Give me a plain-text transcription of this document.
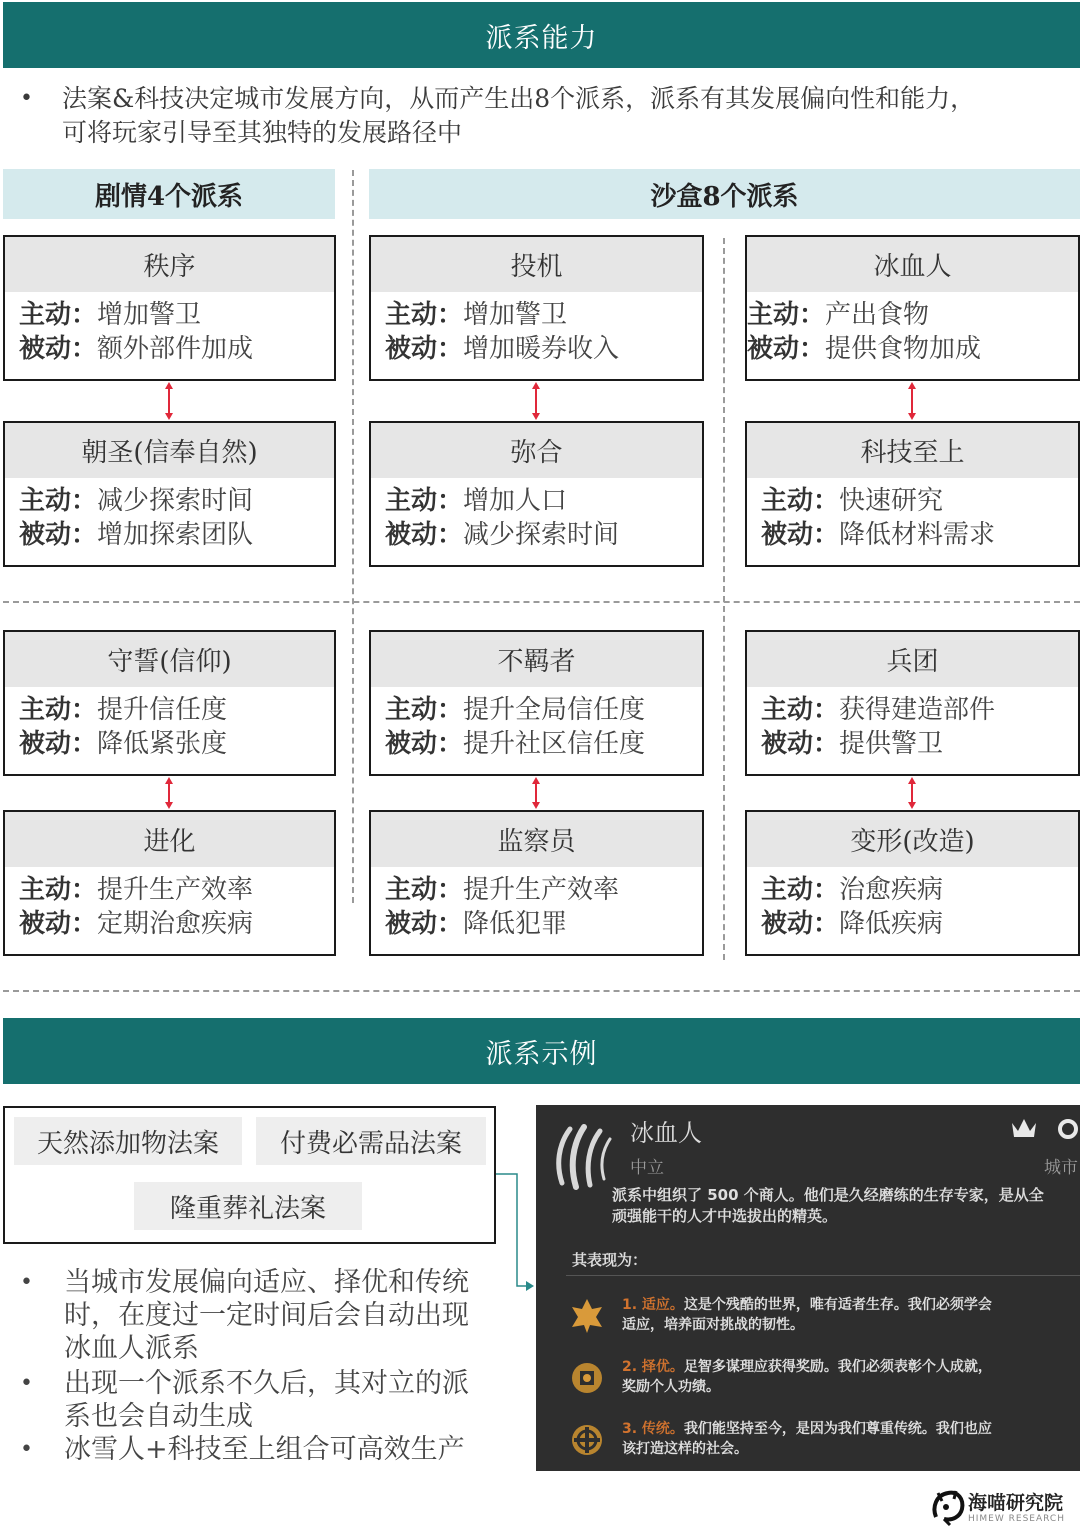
派系能力
• 法案&科技决定城市发展方向，从而产生出8个派系，派系有其发展偏向性和能力，
可将玩家引导至其独特的发展路径中
剧情4个派系	沙盒8个派系
秩序
主动：增加警卫
被动：额外部件加成
朝圣(信奉自然)
主动：减少探索时间
被动：增加探索团队
投机
主动：增加警卫
被动：增加暖券收入
弥合
主动：增加人口
被动：减少探索时间
冰血人
主动：产出食物
被动：提供食物加成
科技至上
主动：快速研究
被动：降低材料需求
守誓(信仰)
主动：提升信任度
被动：降低紧张度
进化
主动：提升生产效率
被动：定期治愈疾病
不羁者
主动：提升全局信任度
被动：提升社区信任度
监察员
主动：提升生产效率
被动：降低犯罪
兵团
主动：获得建造部件
被动：提供警卫
变形(改造)
主动：治愈疾病
被动：降低疾病
派系示例
天然添加物法案	付费必需品法案
隆重葬礼法案
• 当城市发展偏向适应、择优和传统时，在度过一定时间后会自动出现冰血人派系
• 出现一个派系不久后，其对立的派系也会自动生成
• 冰雪人+科技至上组合可高效生产
冰血人
中立	城市
派系中组织了 500 个商人。他们是久经磨练的生存专家，是从全
顽强能干的人才中选拔出的精英。
其表现为：
1. 适应。这是个残酷的世界，唯有适者生存。我们必须学会
适应，培养面对挑战的韧性。
2. 择优。足智多谋理应获得奖励。我们必须表彰个人成就，
奖励个人功绩。
3. 传统。我们能坚持至今，是因为我们尊重传统。我们也应
该打造这样的社会。
海喵研究院
HIMEW RESEARCH
